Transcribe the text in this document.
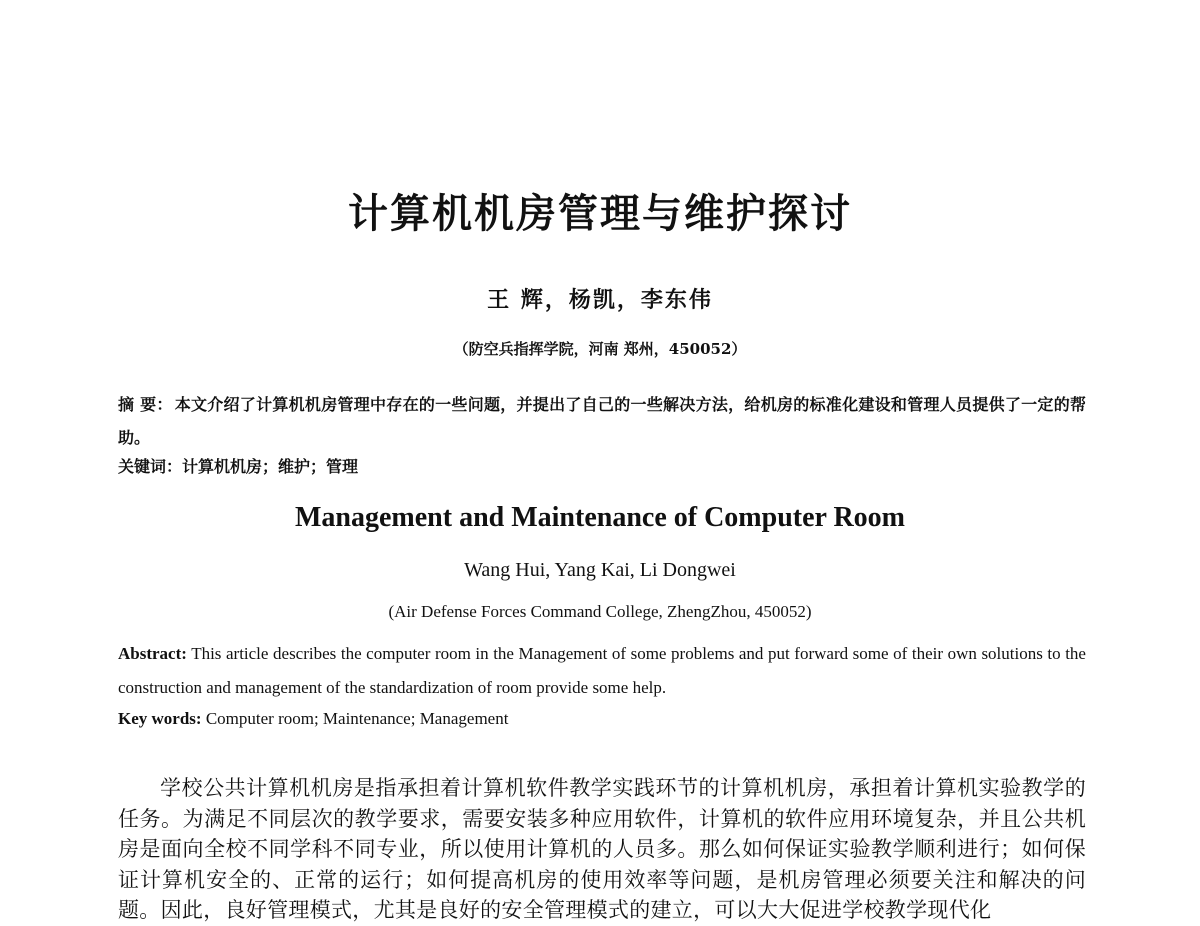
计算机机房管理与维护探讨
王 辉，杨凯，李东伟
（防空兵指挥学院，河南 郑州，450052）
摘 要： 本文介绍了计算机机房管理中存在的一些问题，并提出了自己的一些解决方法，给机房的标准化建设和管理人员提供了一定的帮助。
关键词：计算机机房；维护；管理
Management and Maintenance of Computer Room
Wang Hui, Yang Kai, Li Dongwei
(Air Defense Forces Command College, ZhengZhou, 450052)
Abstract: This article describes the computer room in the Management of some problems and put forward some of their own solutions to the construction and management of the standardization of room provide some help.
Key words: Computer room; Maintenance; Management
学校公共计算机机房是指承担着计算机软件教学实践环节的计算机机房，承担着计算机实验教学的任务。为满足不同层次的教学要求，需要安装多种应用软件，计算机的软件应用环境复杂，并且公共机房是面向全校不同学科不同专业，所以使用计算机的人员多。那么如何保证实验教学顺利进行；如何保证计算机安全的、正常的运行；如何提高机房的使用效率等问题，是机房管理必须要关注和解决的问题。因此，良好管理模式，尤其是良好的安全管理模式的建立，可以大大促进学校教学现代化
